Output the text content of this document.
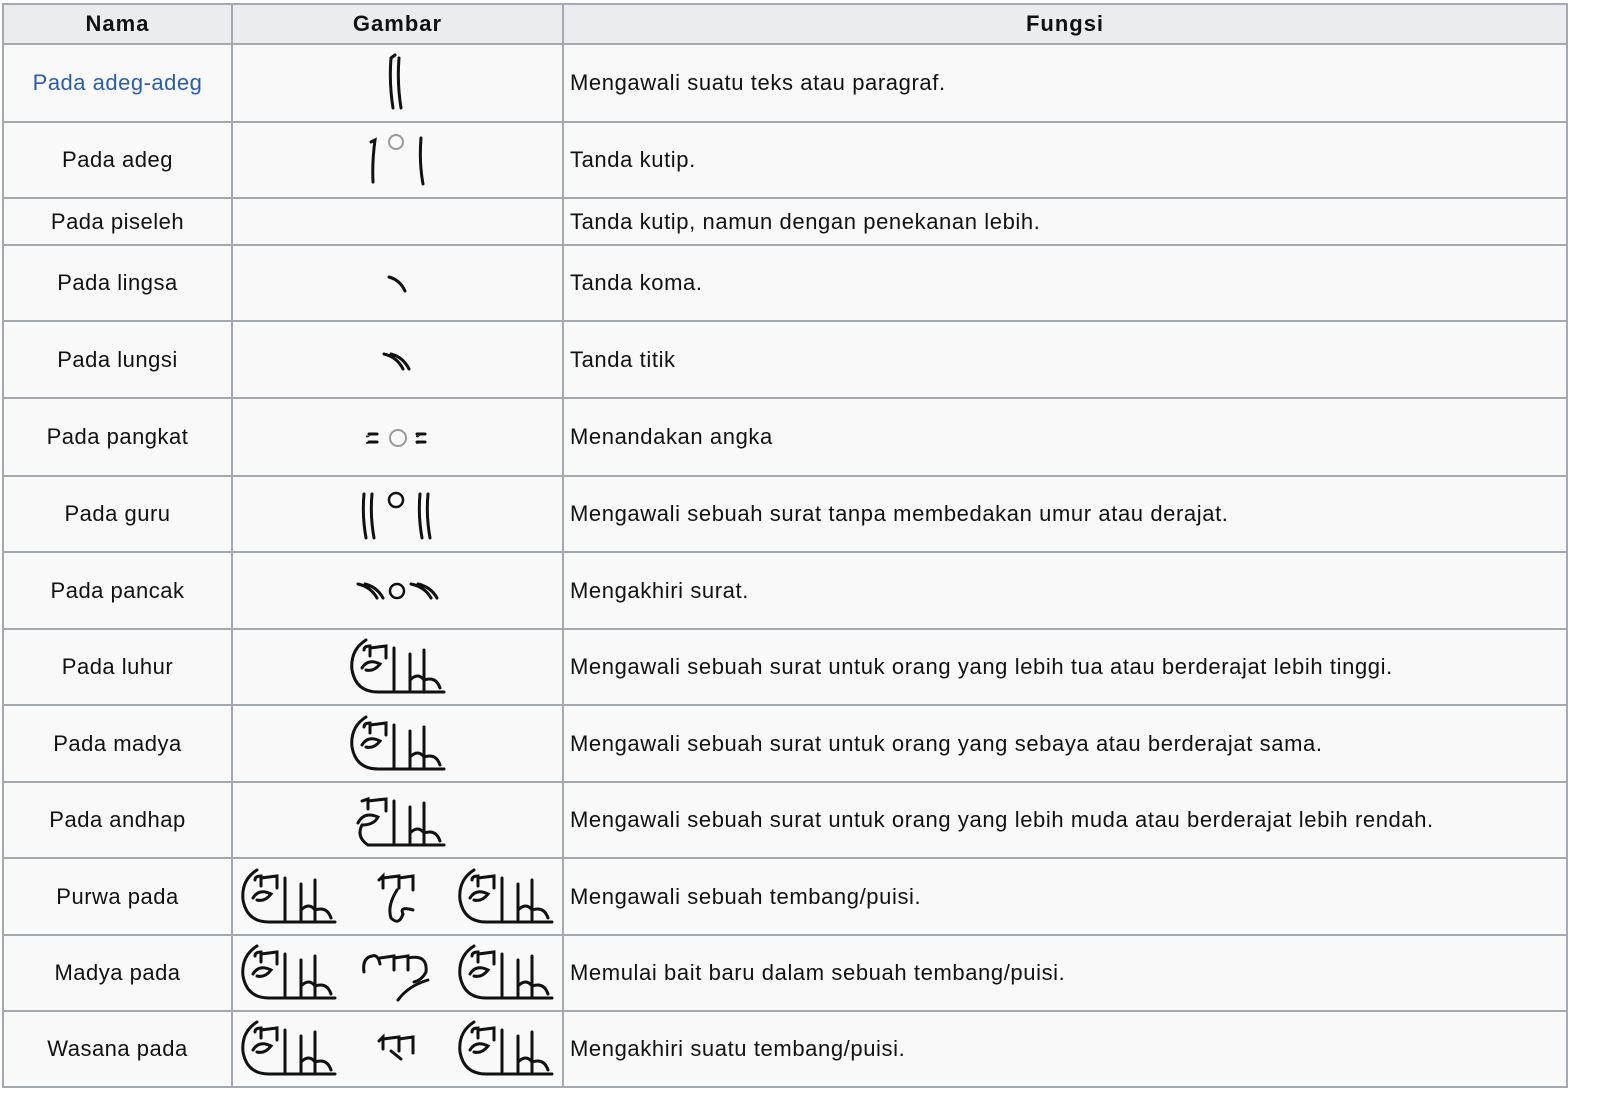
Nama	Gambar	Fungsi
Pada adeg-adeg		Mengawali suatu teks atau paragraf.
Pada adeg		Tanda kutip.
Pada piseleh		Tanda kutip, namun dengan penekanan lebih.
Pada lingsa		Tanda koma.
Pada lungsi		Tanda titik
Pada pangkat	꧇ ꧇	Menandakan angka
Pada guru		Mengawali sebuah surat tanpa membedakan umur atau derajat.
Pada pancak		Mengakhiri surat.
Pada luhur		Mengawali sebuah surat untuk orang yang lebih tua atau berderajat lebih tinggi.
Pada madya		Mengawali sebuah surat untuk orang yang sebaya atau berderajat sama.
Pada andhap		Mengawali sebuah surat untuk orang yang lebih muda atau berderajat lebih rendah.
Purwa pada		Mengawali sebuah tembang/puisi.
Madya pada		Memulai bait baru dalam sebuah tembang/puisi.
Wasana pada		Mengakhiri suatu tembang/puisi.
